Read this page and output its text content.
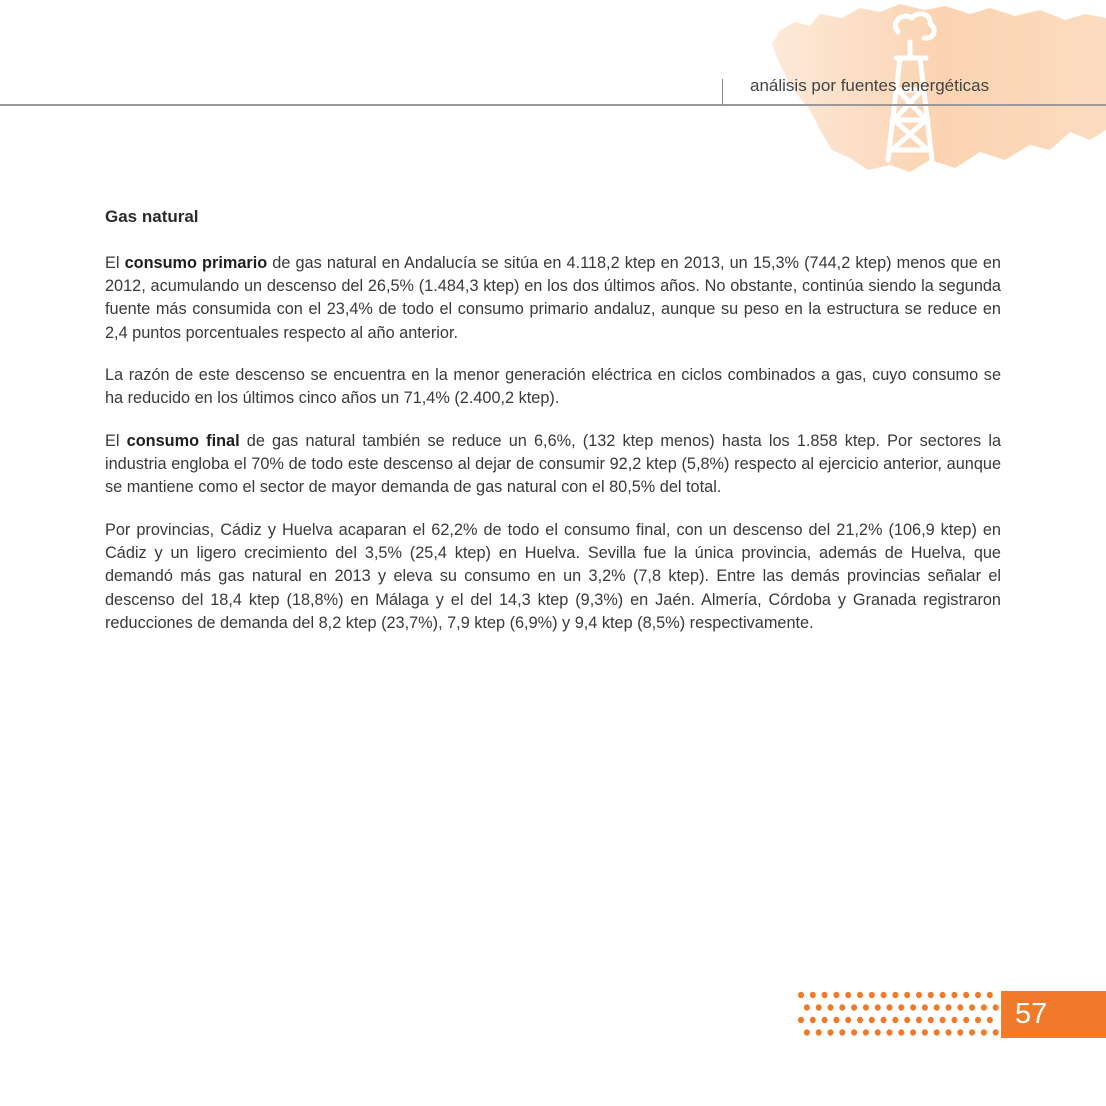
análisis por fuentes energéticas
Gas natural

El consumo primario de gas natural en Andalucía se sitúa en 4.118,2 ktep en 2013, un 15,3% (744,2 ktep) menos que en 2012, acumulando un descenso del 26,5% (1.484,3 ktep) en los dos últimos años. No obstante, continúa siendo la segunda fuente más consumida con el 23,4% de todo el consumo primario andaluz, aunque su peso en la estructura se reduce en 2,4 puntos porcentuales respecto al año anterior.

La razón de este descenso se encuentra en la menor generación eléctrica en ciclos combinados a gas, cuyo consumo se ha reducido en los últimos cinco años un 71,4% (2.400,2 ktep).

El consumo final de gas natural también se reduce un 6,6%, (132 ktep menos) hasta los 1.858 ktep. Por sectores la industria engloba el 70% de todo este descenso al dejar de consumir 92,2 ktep (5,8%) respecto al ejercicio anterior, aunque se mantiene como el sector de mayor demanda de gas natural con el 80,5% del total.

Por provincias, Cádiz y Huelva acaparan el 62,2% de todo el consumo final, con un descenso del 21,2% (106,9 ktep) en Cádiz y un ligero crecimiento del 3,5% (25,4 ktep) en Huelva. Sevilla fue la única provincia, además de Huelva, que demandó más gas natural en 2013 y eleva su consumo en un 3,2% (7,8 ktep). Entre las demás provincias señalar el descenso del 18,4 ktep (18,8%) en Málaga y el del 14,3 ktep (9,3%) en Jaén. Almería, Córdoba y Granada registraron reducciones de demanda del 8,2 ktep (23,7%), 7,9 ktep (6,9%) y 9,4 ktep (8,5%) respectivamente.

57
